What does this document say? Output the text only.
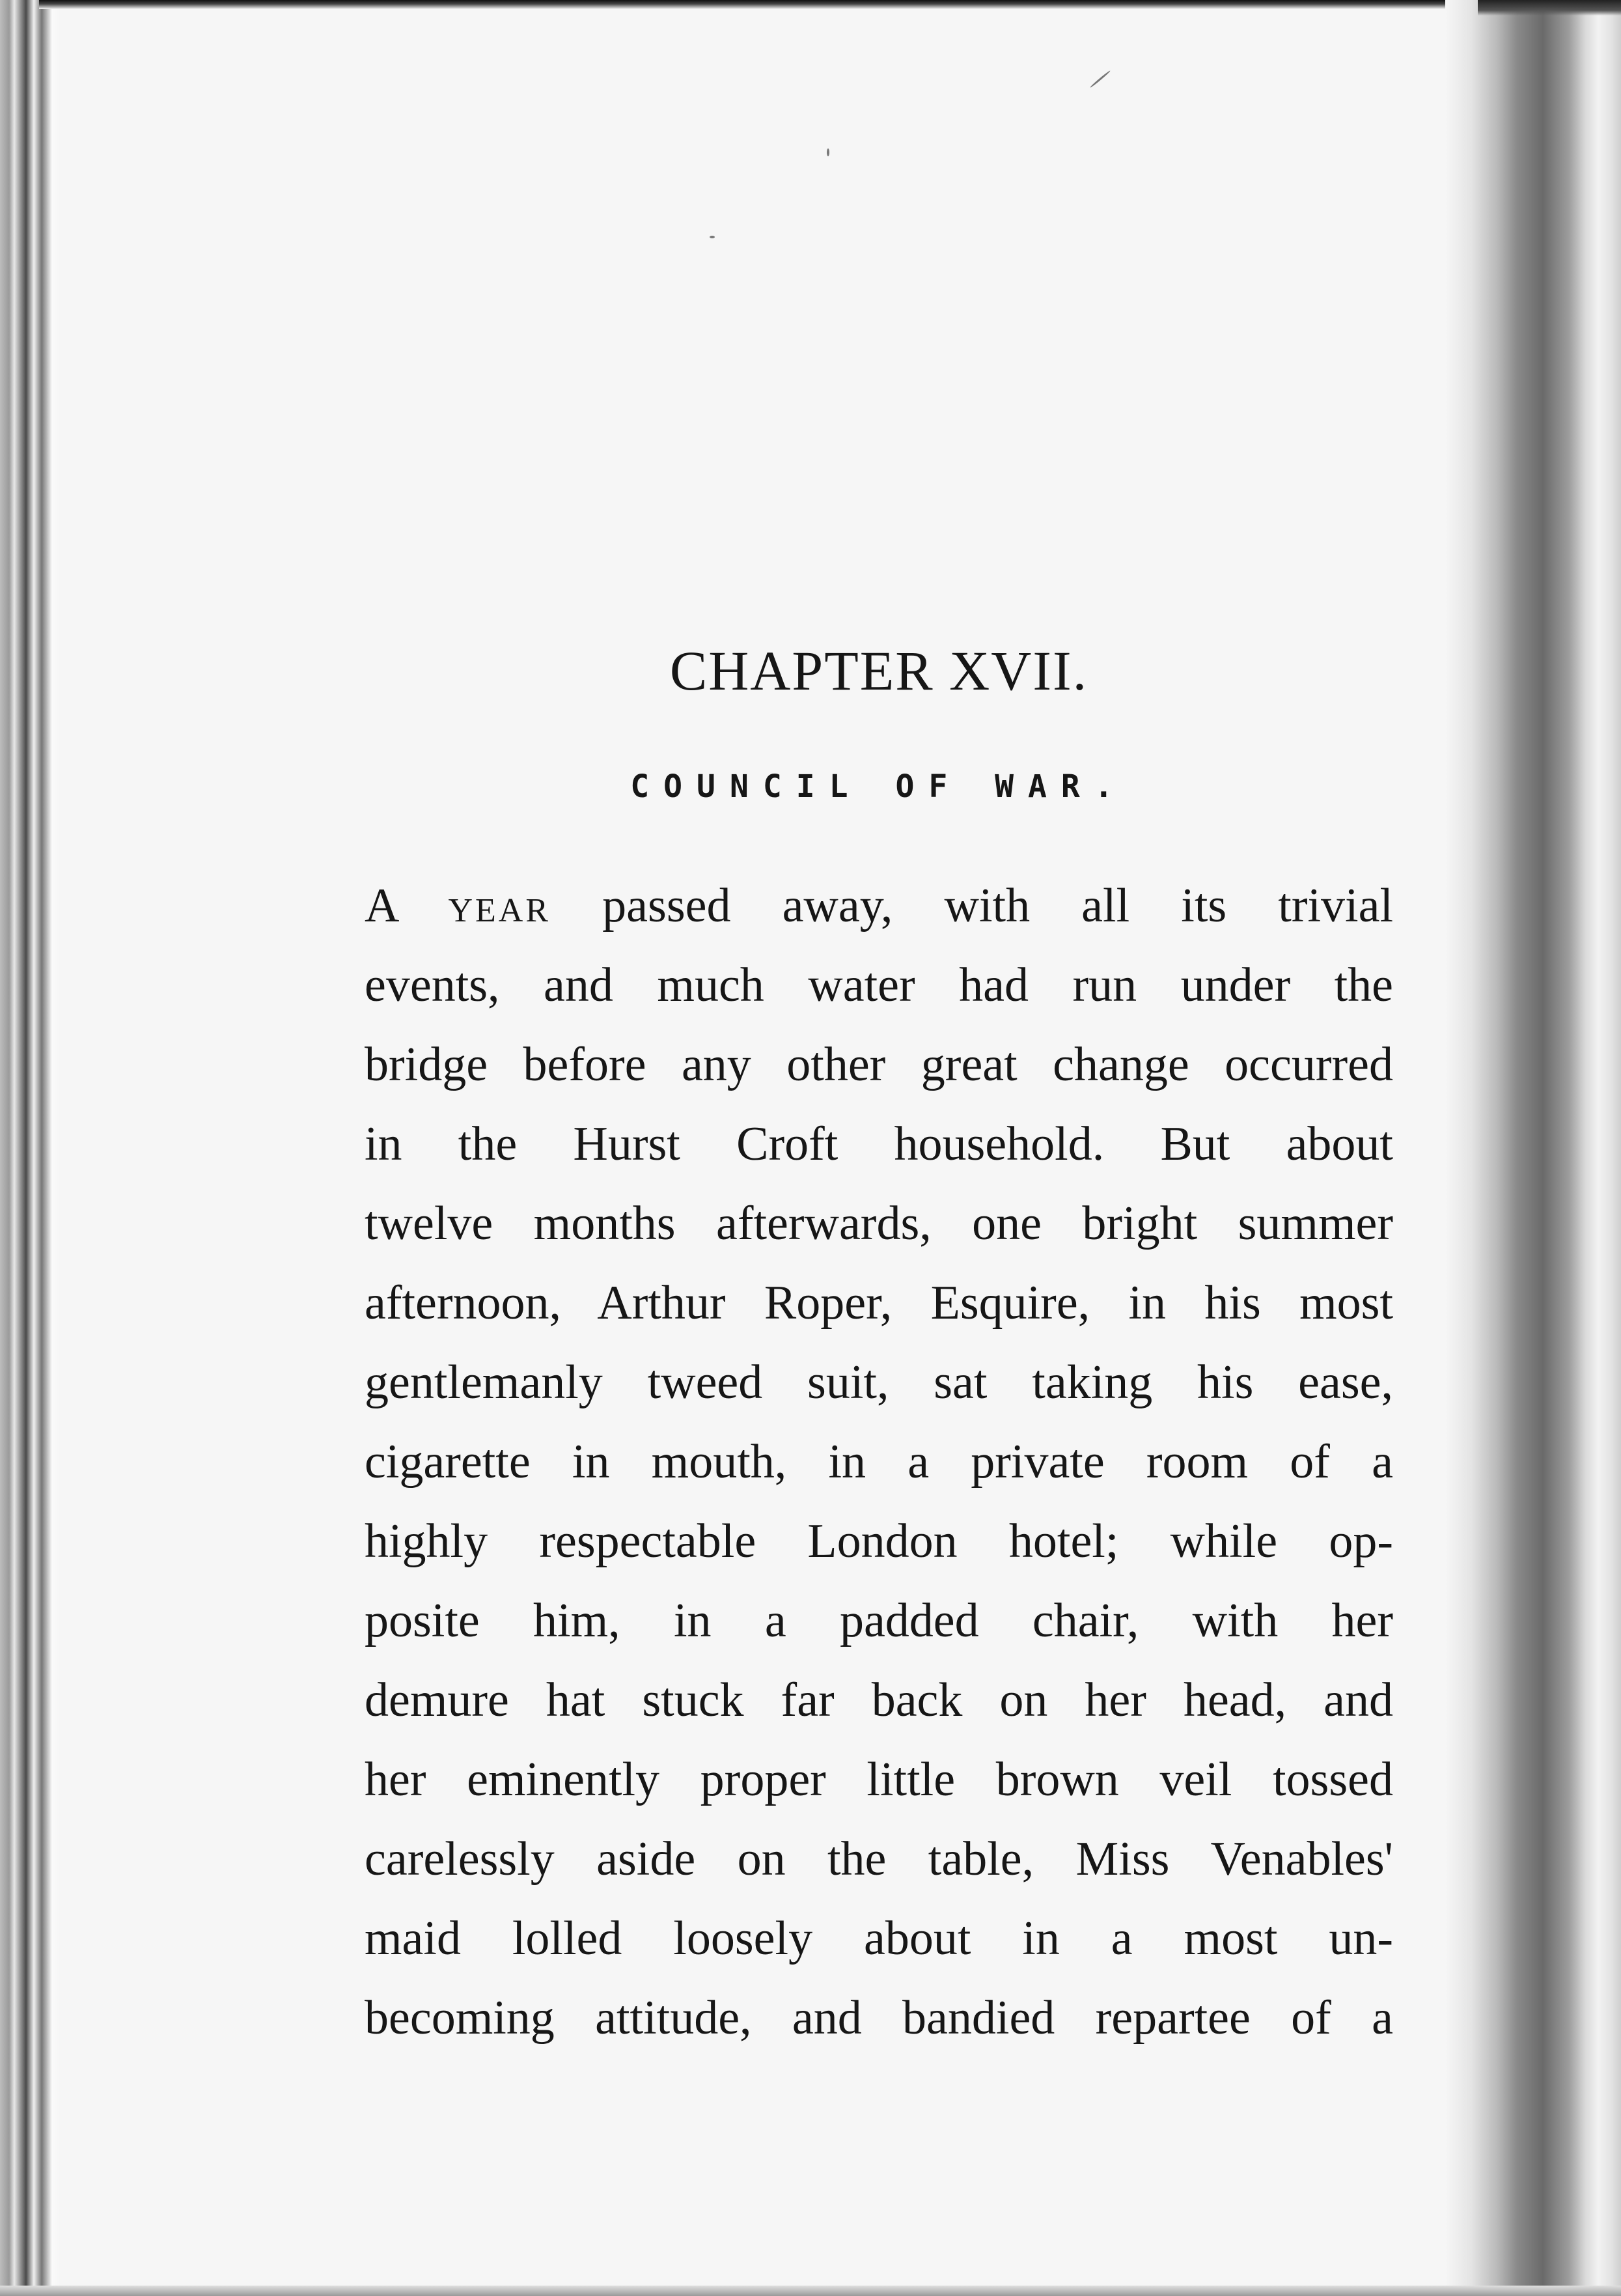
CHAPTER XVII.
COUNCIL OF WAR.
A year passed away, with all its trivial
events, and much water had run under the
bridge before any other great change occurred
in the Hurst Croft household. But about
twelve months afterwards, one bright summer
afternoon, Arthur Roper, Esquire, in his most
gentlemanly tweed suit, sat taking his ease,
cigarette in mouth, in a private room of a
highly respectable London hotel; while op-
posite him, in a padded chair, with her
demure hat stuck far back on her head, and
her eminently proper little brown veil tossed
carelessly aside on the table, Miss Venables'
maid lolled loosely about in a most un-
becoming attitude, and bandied repartee of a
